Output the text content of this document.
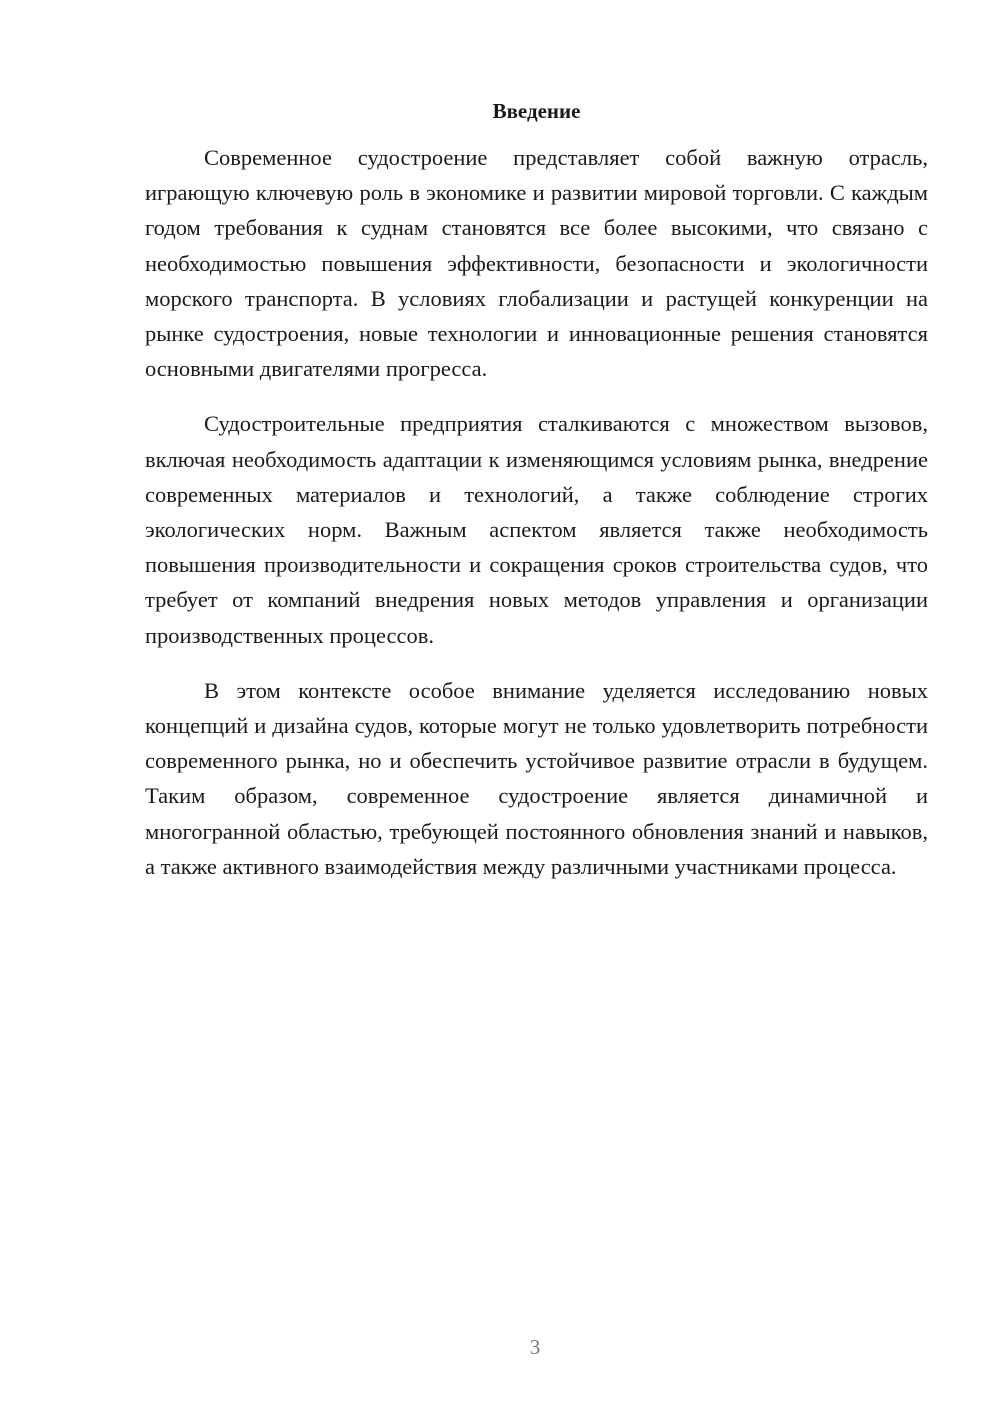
Введение

Современное судостроение представляет собой важную отрасль, играющую ключевую роль в экономике и развитии мировой торговли. С каждым годом требования к суднам становятся все более высокими, что связано с необходимостью повышения эффективности, безопасности и экологичности морского транспорта. В условиях глобализации и растущей конкуренции на рынке судостроения, новые технологии и инновационные решения становятся основными двигателями прогресса.

Судостроительные предприятия сталкиваются с множеством вызовов, включая необходимость адаптации к изменяющимся условиям рынка, внедрение современных материалов и технологий, а также соблюдение строгих экологических норм. Важным аспектом является также необходимость повышения производительности и сокращения сроков строительства судов, что требует от компаний внедрения новых методов управления и организации производственных процессов.

В этом контексте особое внимание уделяется исследованию новых концепций и дизайна судов, которые могут не только удовлетворить потребности современного рынка, но и обеспечить устойчивое развитие отрасли в будущем. Таким образом, современное судостроение является динамичной и многогранной областью, требующей постоянного обновления знаний и навыков, а также активного взаимодействия между различными участниками процесса.

3
